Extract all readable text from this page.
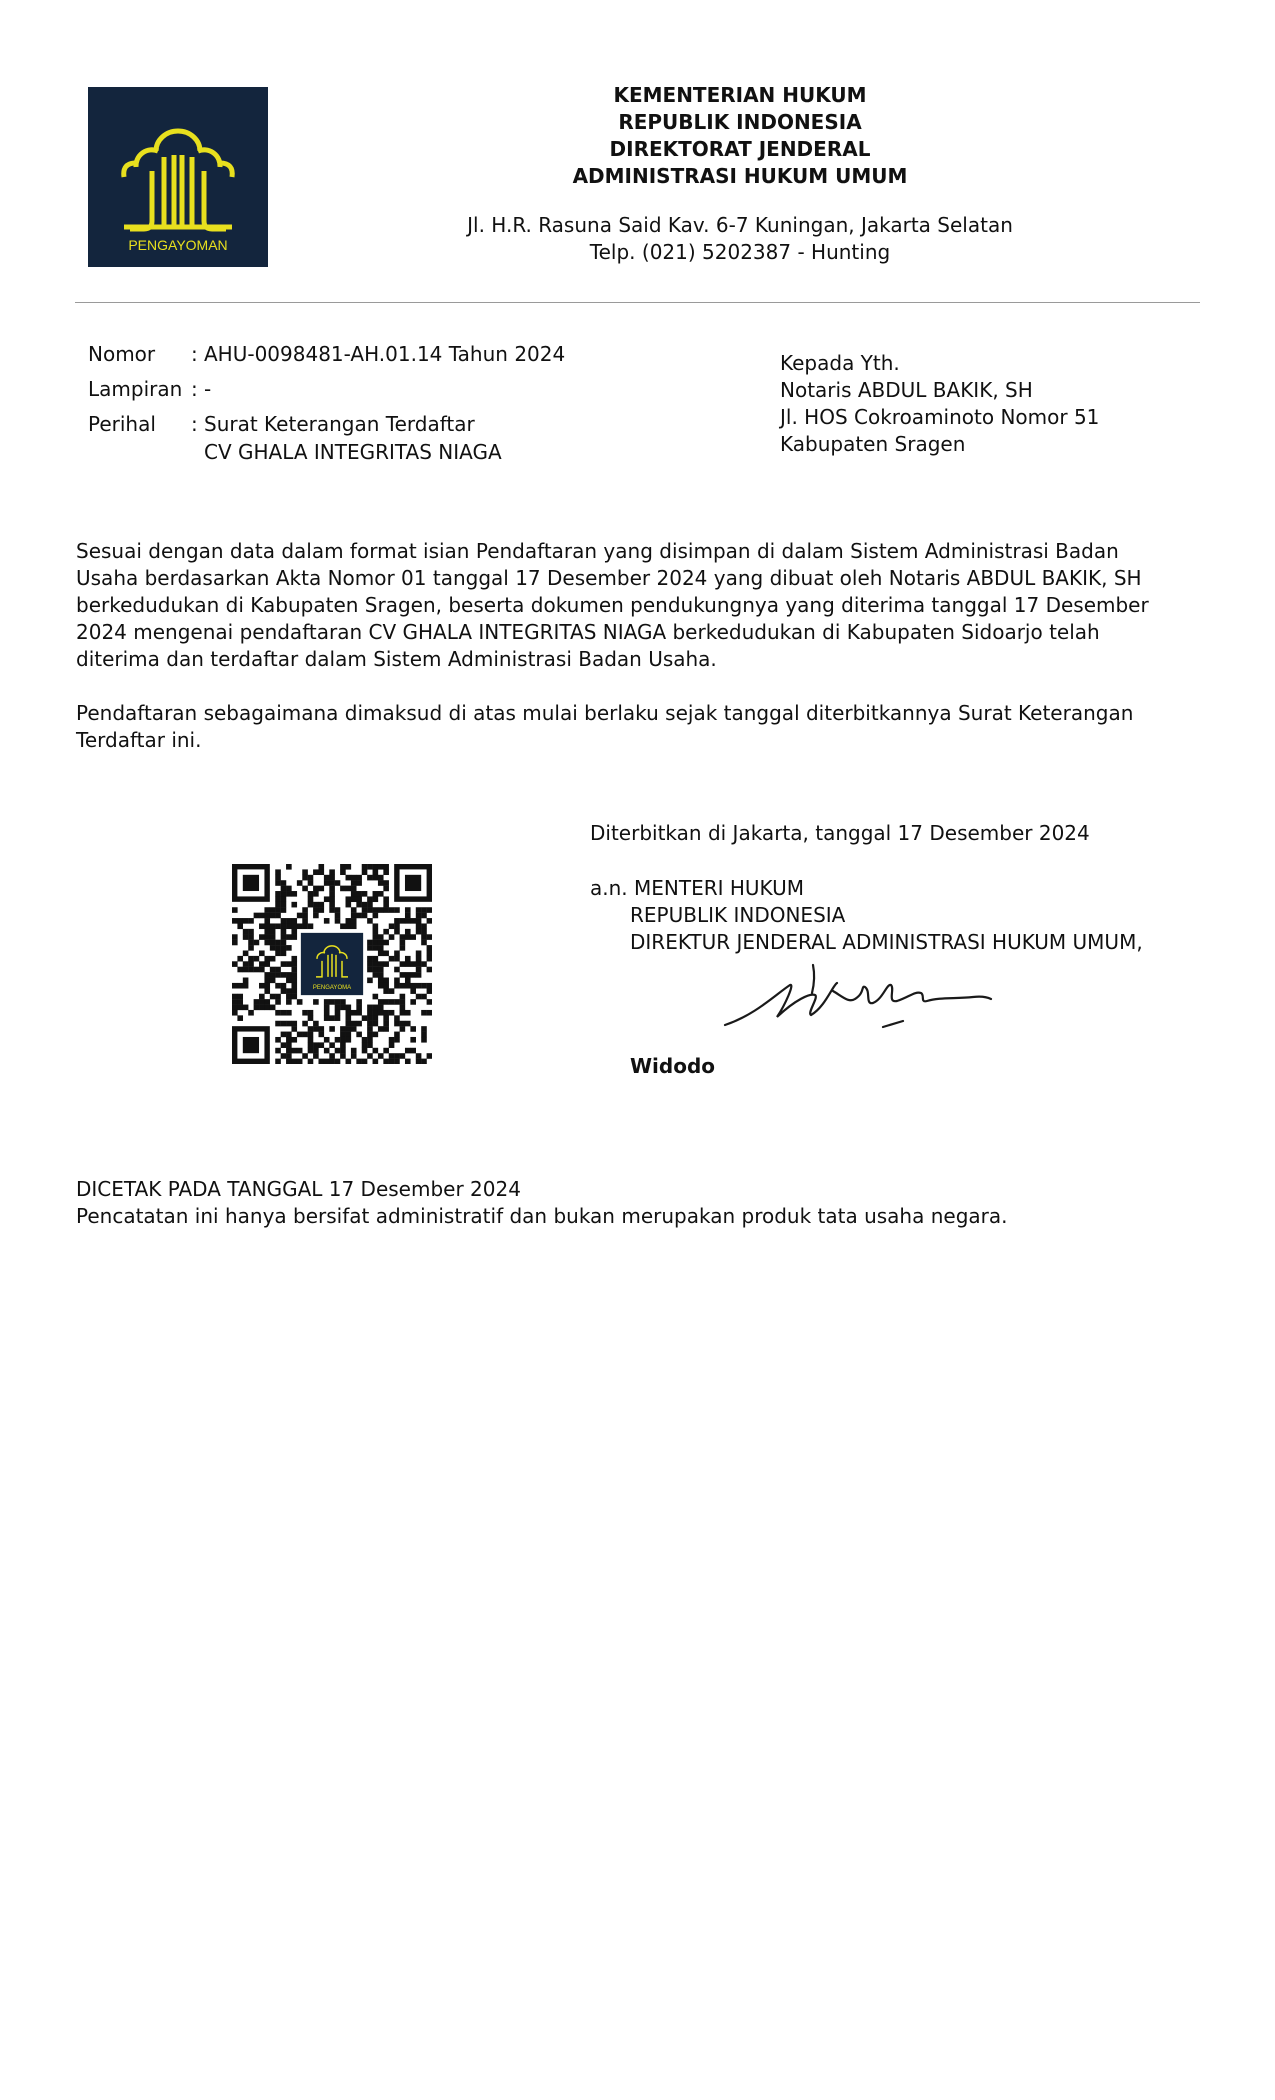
PENGAYOMAN
KEMENTERIAN HUKUM
REPUBLIK INDONESIA
DIREKTORAT JENDERAL
ADMINISTRASI HUKUM UMUM
Jl. H.R. Rasuna Said Kav. 6-7 Kuningan, Jakarta Selatan
Telp. (021) 5202387 - Hunting
Nomor	: AHU-0098481-AH.01.14 Tahun 2024
Lampiran : -
Perihal	: Surat Keterangan Terdaftar
CV GHALA INTEGRITAS NIAGA
Kepada Yth.
Notaris ABDUL BAKIK, SH
Jl. HOS Cokroaminoto Nomor 51
Kabupaten Sragen
Sesuai dengan data dalam format isian Pendaftaran yang disimpan di dalam Sistem Administrasi Badan
Usaha berdasarkan Akta Nomor 01 tanggal 17 Desember 2024 yang dibuat oleh Notaris ABDUL BAKIK, SH
berkedudukan di Kabupaten Sragen, beserta dokumen pendukungnya yang diterima tanggal 17 Desember
2024 mengenai pendaftaran CV GHALA INTEGRITAS NIAGA berkedudukan di Kabupaten Sidoarjo telah
diterima dan terdaftar dalam Sistem Administrasi Badan Usaha.
Pendaftaran sebagaimana dimaksud di atas mulai berlaku sejak tanggal diterbitkannya Surat Keterangan
Terdaftar ini.
Diterbitkan di Jakarta, tanggal 17 Desember 2024
a.n. MENTERI HUKUM
REPUBLIK INDONESIA
DIREKTUR JENDERAL ADMINISTRASI HUKUM UMUM,
Widodo
PENGAYOMA
DICETAK PADA TANGGAL 17 Desember 2024
Pencatatan ini hanya bersifat administratif dan bukan merupakan produk tata usaha negara.
